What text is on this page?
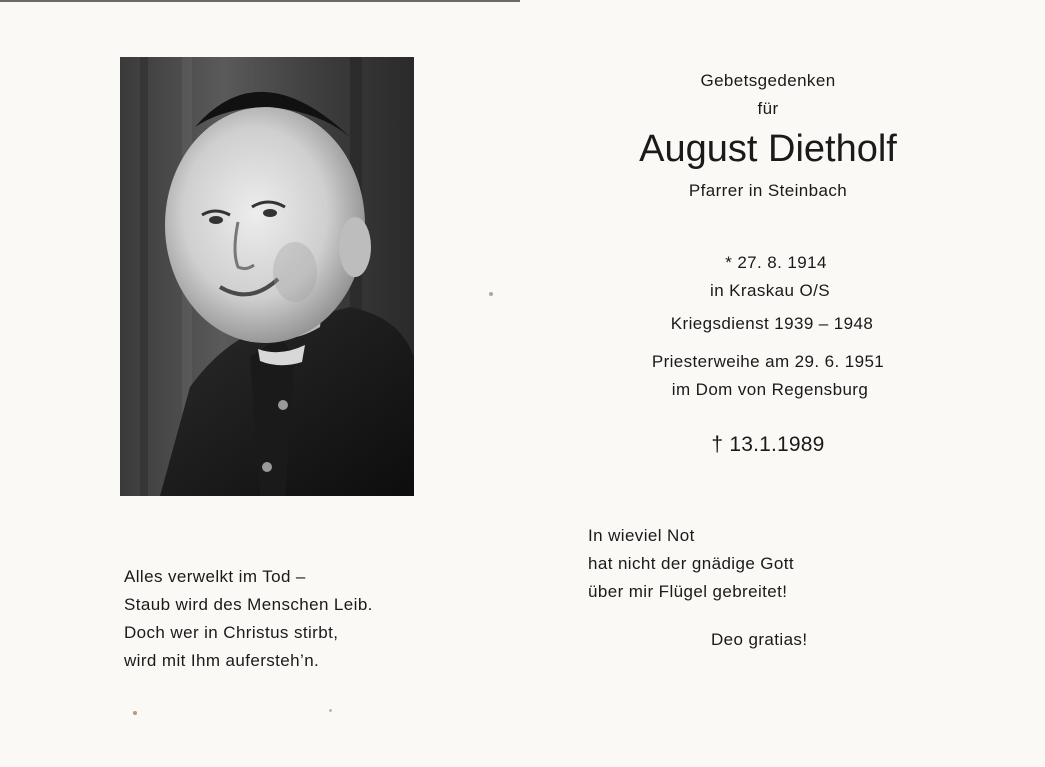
Gebetsgedenken
für
August Dietholf
Pfarrer in Steinbach
* 27. 8. 1914
in Kraskau O/S
Kriegsdienst 1939 – 1948
Priesterweihe am 29. 6. 1951
im Dom von Regensburg
† 13.1.1989
Alles verwelkt im Tod –
Staub wird des Menschen Leib.
Doch wer in Christus stirbt,
wird mit Ihm aufersteh’n.
In wieviel Not
hat nicht der gnädige Gott
über mir Flügel gebreitet!
Deo gratias!
